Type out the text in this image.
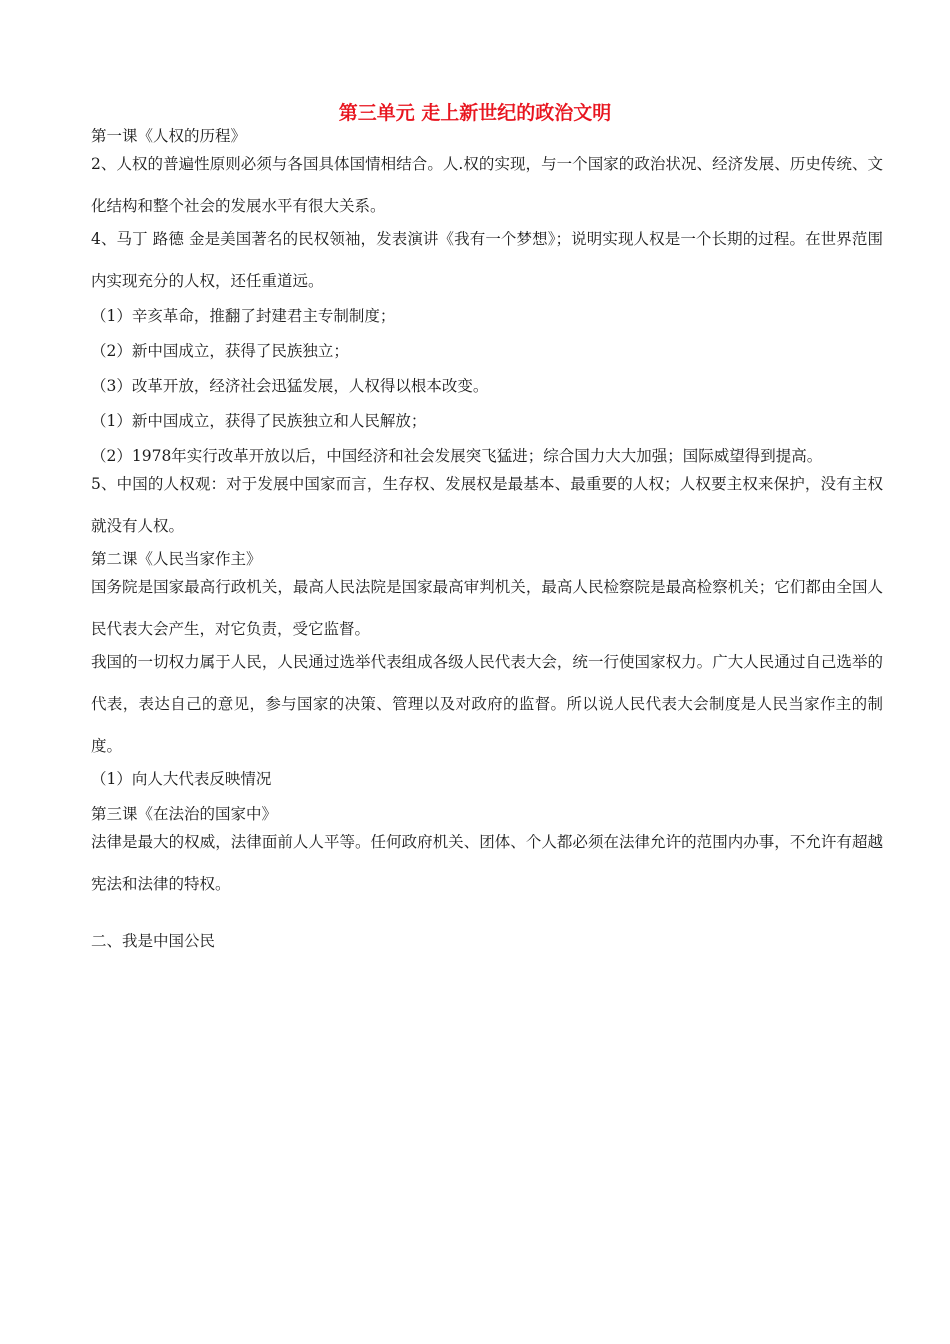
第三单元 走上新世纪的政治文明

第一课《人权的历程》

2、人权的普遍性原则必须与各国具体国情相结合。人.权的实现，与一个国家的政治状况、经济发展、历史传统、文化结构和整个社会的发展水平有很大关系。

4、马丁 路德 金是美国著名的民权领袖，发表演讲《我有一个梦想》；说明实现人权是一个长期的过程。在世界范围内实现充分的人权，还任重道远。

（1）辛亥革命，推翻了封建君主专制制度；

（2）新中国成立，获得了民族独立；

（3）改革开放，经济社会迅猛发展，人权得以根本改变。

（1）新中国成立，获得了民族独立和人民解放；

（2）1978年实行改革开放以后，中国经济和社会发展突飞猛进；综合国力大大加强；国际威望得到提高。

5、中国的人权观：对于发展中国家而言，生存权、发展权是最基本、最重要的人权；人权要主权来保护，没有主权就没有人权。

第二课《人民当家作主》

国务院是国家最高行政机关，最高人民法院是国家最高审判机关，最高人民检察院是最高检察机关；它们都由全国人民代表大会产生，对它负责，受它监督。

我国的一切权力属于人民，人民通过选举代表组成各级人民代表大会，统一行使国家权力。广大人民通过自己选举的代表，表达自己的意见，参与国家的决策、管理以及对政府的监督。所以说人民代表大会制度是人民当家作主的制度。

（1）向人大代表反映情况

第三课《在法治的国家中》

法律是最大的权威，法律面前人人平等。任何政府机关、团体、个人都必须在法律允许的范围内办事，不允许有超越宪法和法律的特权。

二、我是中国公民
